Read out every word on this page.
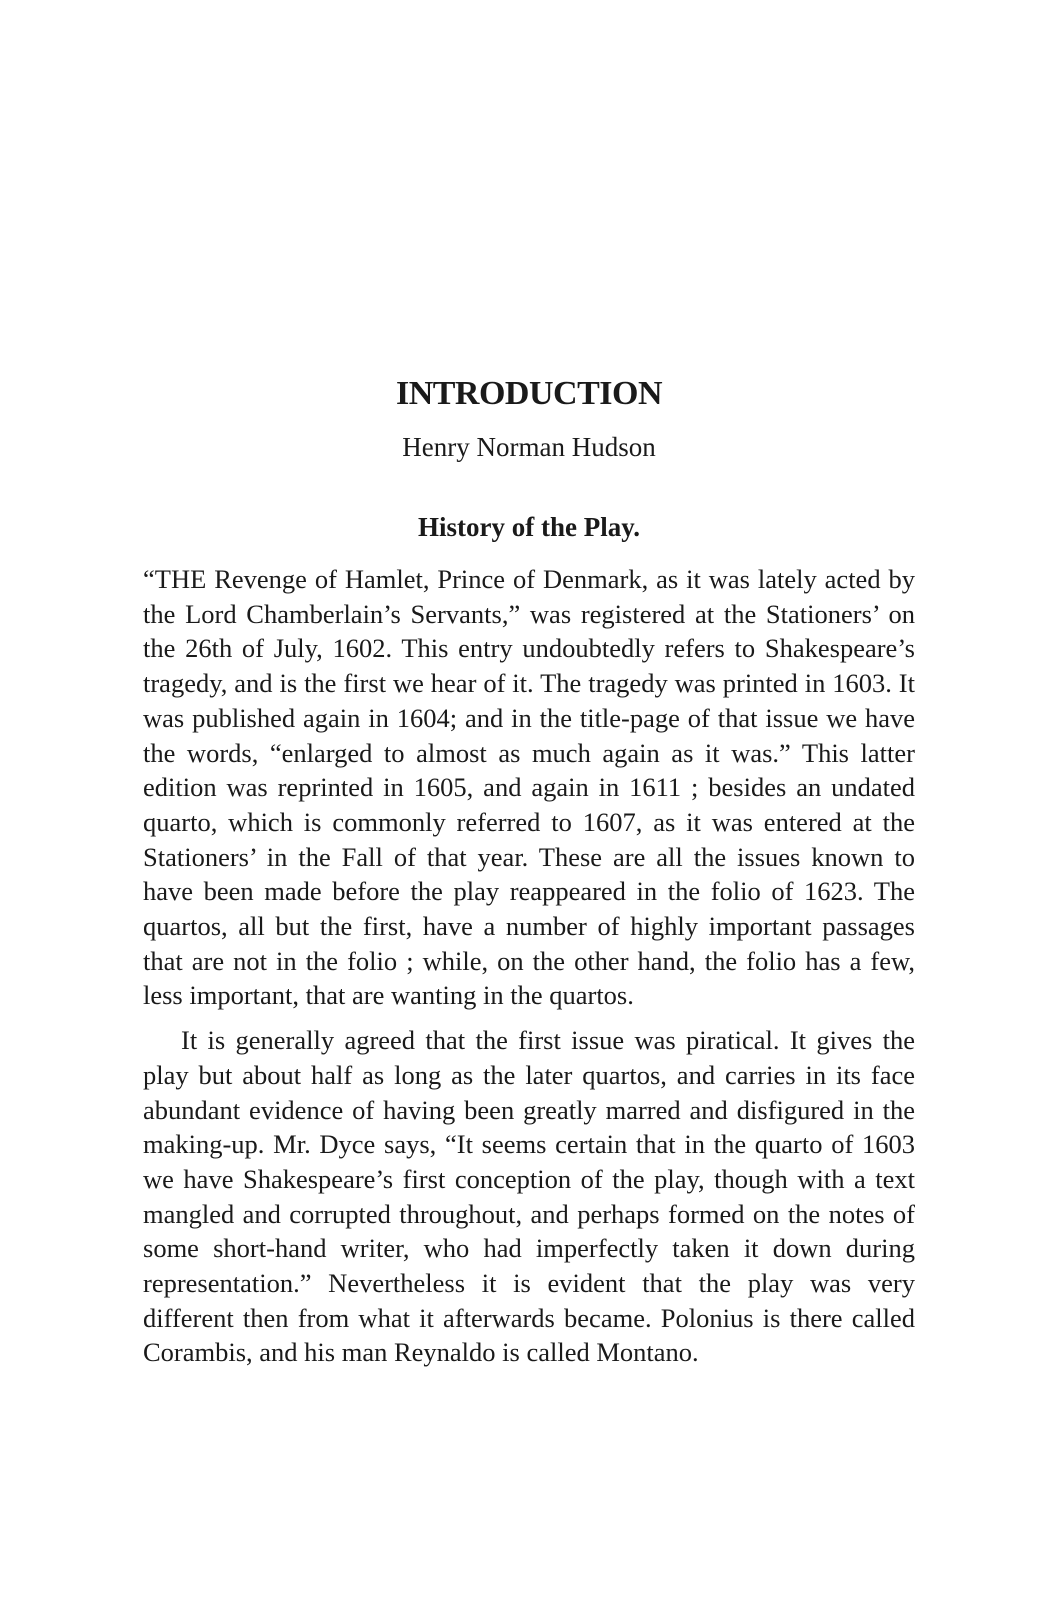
INTRODUCTION
Henry Norman Hudson
History of the Play.

“THE Revenge of Hamlet, Prince of Denmark, as it was lately acted by the Lord Chamberlain’s Servants,” was registered at the Stationers’ on the 26th of July, 1602. This entry undoubtedly refers to Shakespeare’s tragedy, and is the first we hear of it. The tragedy was printed in 1603. It was published again in 1604; and in the title-page of that issue we have the words, “enlarged to almost as much again as it was.” This latter edition was reprinted in 1605, and again in 1611 ; besides an undated quarto, which is commonly referred to 1607, as it was entered at the Stationers’ in the Fall of that year. These are all the issues known to have been made before the play reappeared in the folio of 1623. The quartos, all but the first, have a number of highly important passages that are not in the folio ; while, on the other hand, the folio has a few, less important, that are wanting in the quartos.

It is generally agreed that the first issue was piratical. It gives the play but about half as long as the later quartos, and carries in its face abundant evidence of having been greatly marred and disfigured in the making-up. Mr. Dyce says, “It seems certain that in the quarto of 1603 we have Shakespeare’s first conception of the play, though with a text mangled and corrupted throughout, and perhaps formed on the notes of some short-hand writer, who had imperfectly taken it down during representation.” Nevertheless it is evident that the play was very different then from what it afterwards became. Polonius is there called Corambis, and his man Reynaldo is called Montano.
